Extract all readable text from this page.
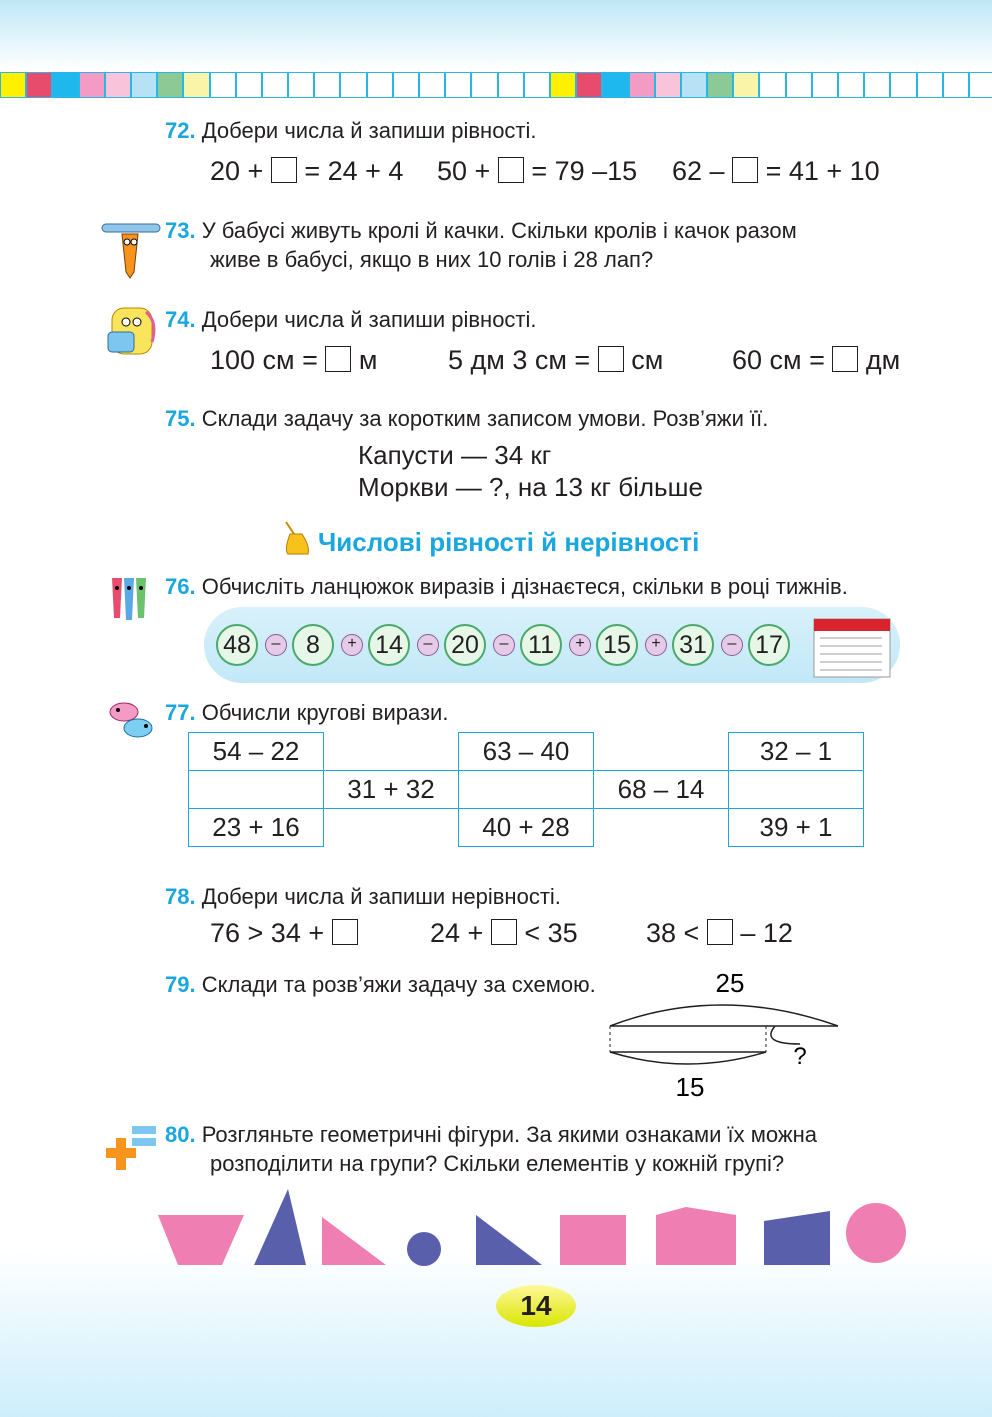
72. Добери числа й запиши рівності.
20 + = 24 + 4 50 + = 79 –15 62 – = 41 + 10
73. У бабусі живуть кролі й качки. Скільки кролів і качок разом
живе в бабусі, якщо в них 10 голів і 28 лап?
74. Добери числа й запиши рівності.
100 см = м	5 дм 3 см = см	60 см = дм
75. Склади задачу за коротким записом умови. Розв’яжи її.
Капусти — 34 кг
Моркви — ?, на 13 кг більше
Числові рівності й нерівності
76. Обчисліть ланцюжок виразів і дізнаєтеся, скільки в році тижнів.
48	–	8	+ 14	– 20	– 11	+ 15	+ 31	– 17
77. Обчисли кругові вирази.
54 – 22		63 – 40		32 – 1
	31 + 32		68 – 14	
23 + 16		40 + 28		39 + 1
78. Добери числа й запиши нерівності.
76 > 34 +	24 + < 35	38 < – 12
79. Склади та розв’яжи задачу за схемою.	25
?
15
80. Розгляньте геометричні фігури. За якими ознаками їх можна
розподілити на групи? Скільки елементів у кожній групі?
14
